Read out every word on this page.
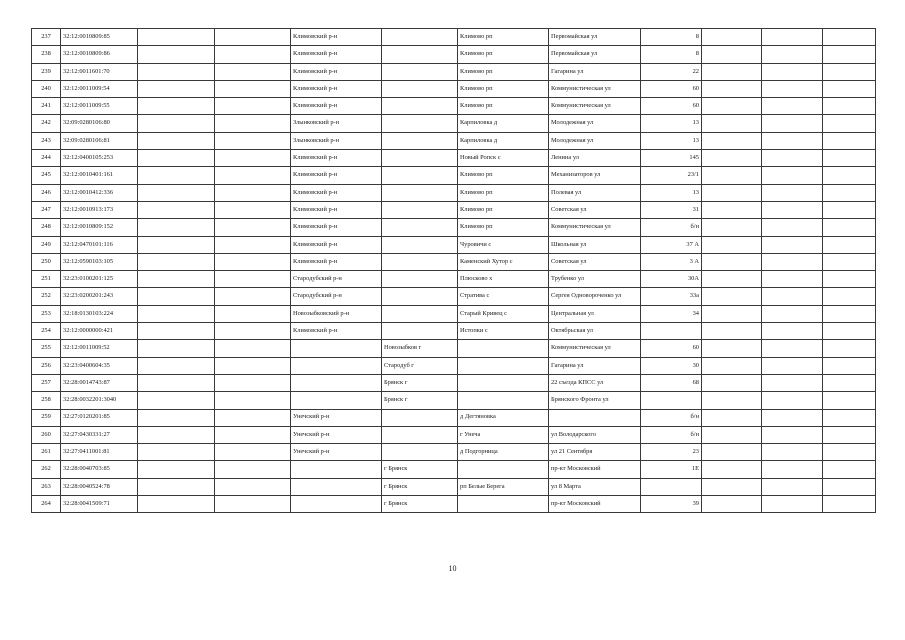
237	32:12:0010809:85			Климовский р-н		Климово рп	Первомайская ул	8			
238	32:12:0010809:86			Климовский р-н		Климово рп	Первомайская ул	8			
239	32:12:0011601:70			Климовский р-н		Климово рп	Гагарина ул	22			
240	32:12:0011009:54			Климовский р-н		Климово рп	Коммунистическая ул	60			
241	32:12:0011009:55			Климовский р-н		Климово рп	Коммунистическая ул	60			
242	32:09:0280106:80			Злынковский р-н		Карпиловка д	Молодежная ул	13			
243	32:09:0280106:81			Злынковский р-н		Карпиловка д	Молодежная ул	13			
244	32:12:0400105:253			Климовский р-н		Новый Ропск с	Ленина ул	145			
245	32:12:0010401:161			Климовский р-н		Климово рп	Механизаторов ул	23/1			
246	32:12:0010412:336			Климовский р-н		Климово рп	Полевая ул	13			
247	32:12:0010913:173			Климовский р-н		Климово рп	Советская ул	31			
248	32:12:0010809:152			Климовский р-н		Климово рп	Коммунистическая ул	б/н			
249	32:12:0470101:116			Климовский р-н		Чуровичи с	Школьная ул	37 А			
250	32:12:0590103:105			Климовский р-н		Каменский Хутор с	Советская ул	3 А			
251	32:23:0100201:125			Стародубский р-н		Плюсково х	Трубенко ул	30А			
252	32:23:0200201:243			Стародубский р-н		Стратива с	Сергея Одновороченко ул	33а			
253	32:18:0130103:224			Новозыбковский р-н		Старый Кривец с	Центральная ул	34			
254	32:12:0000000:421			Климовский р-н		Истопки с	Октябрьская ул				
255	32:12:0011009:52				Новозыбков г		Коммунистическая ул	60			
256	32:23:0400604:35				Стародуб г		Гагарина ул	30			
257	32:28:0014743:87				Брянск г		22 съезда КПСС ул	68			
258	32:28:0032201:3040				Брянск г		Брянского Фронта ул				
259	32:27:0120201:85			Унечский р-н		д Дегтяновка		б/н			
260	32:27:0430331:27			Унечский р-н		г Унеча	ул Володарского	б/н			
261	32:27:0411001:81			Унечский р-н		д Подгорница	ул 21 Сентября	23			
262	32:28:0040703:85				г Брянск		пр-кт Московский	1Е			
263	32:28:0040524:78				г Брянск	рп Белые Берега	ул 8 Марта				
264	32:28:0041509:71				г Брянск		пр-кт Московский	39			
10
